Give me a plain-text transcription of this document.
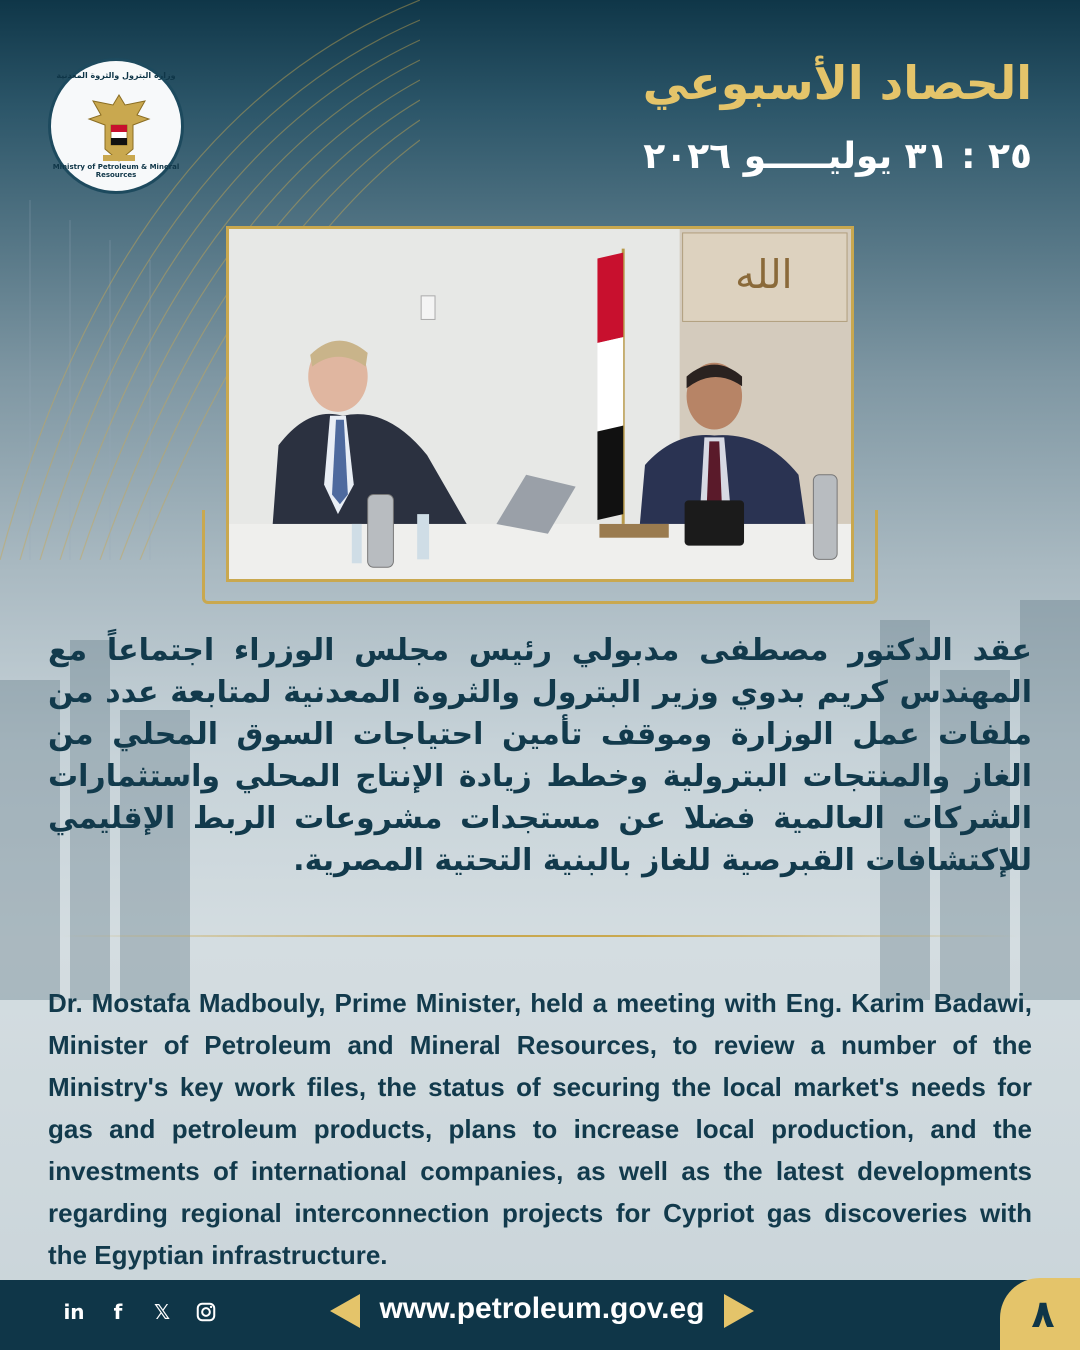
وزارة البترول والثروة المعدنية
Ministry of Petroleum & Mineral Resources
الحصاد الأسبوعي
٢٥ : ٣١ يوليـــــو ٢٠٢٦
الله
عقد الدكتور مصطفى مدبولي رئيس مجلس الوزراء اجتماعاً مع المهندس كريم بدوي وزير البترول والثروة المعدنية لمتابعة عدد من ملفات عمل الوزارة وموقف تأمين احتياجات السوق المحلي من الغاز والمنتجات البترولية وخطط زيادة الإنتاج المحلي واستثمارات الشركات العالمية فضلا عن مستجدات مشروعات الربط الإقليمي للإكتشافات القبرصية للغاز بالبنية التحتية المصرية.
Dr. Mostafa Madbouly, Prime Minister, held a meeting with Eng. Karim Badawi, Minister of Petroleum and Mineral Resources, to review a number of the Ministry's key work files, the status of securing the local market's needs for gas and petroleum products, plans to increase local production, and the investments of international companies, as well as the latest developments regarding regional interconnection projects for Cypriot gas discoveries with the Egyptian infrastructure.
in	f	𝕏	www.petroleum.gov.eg	٨
